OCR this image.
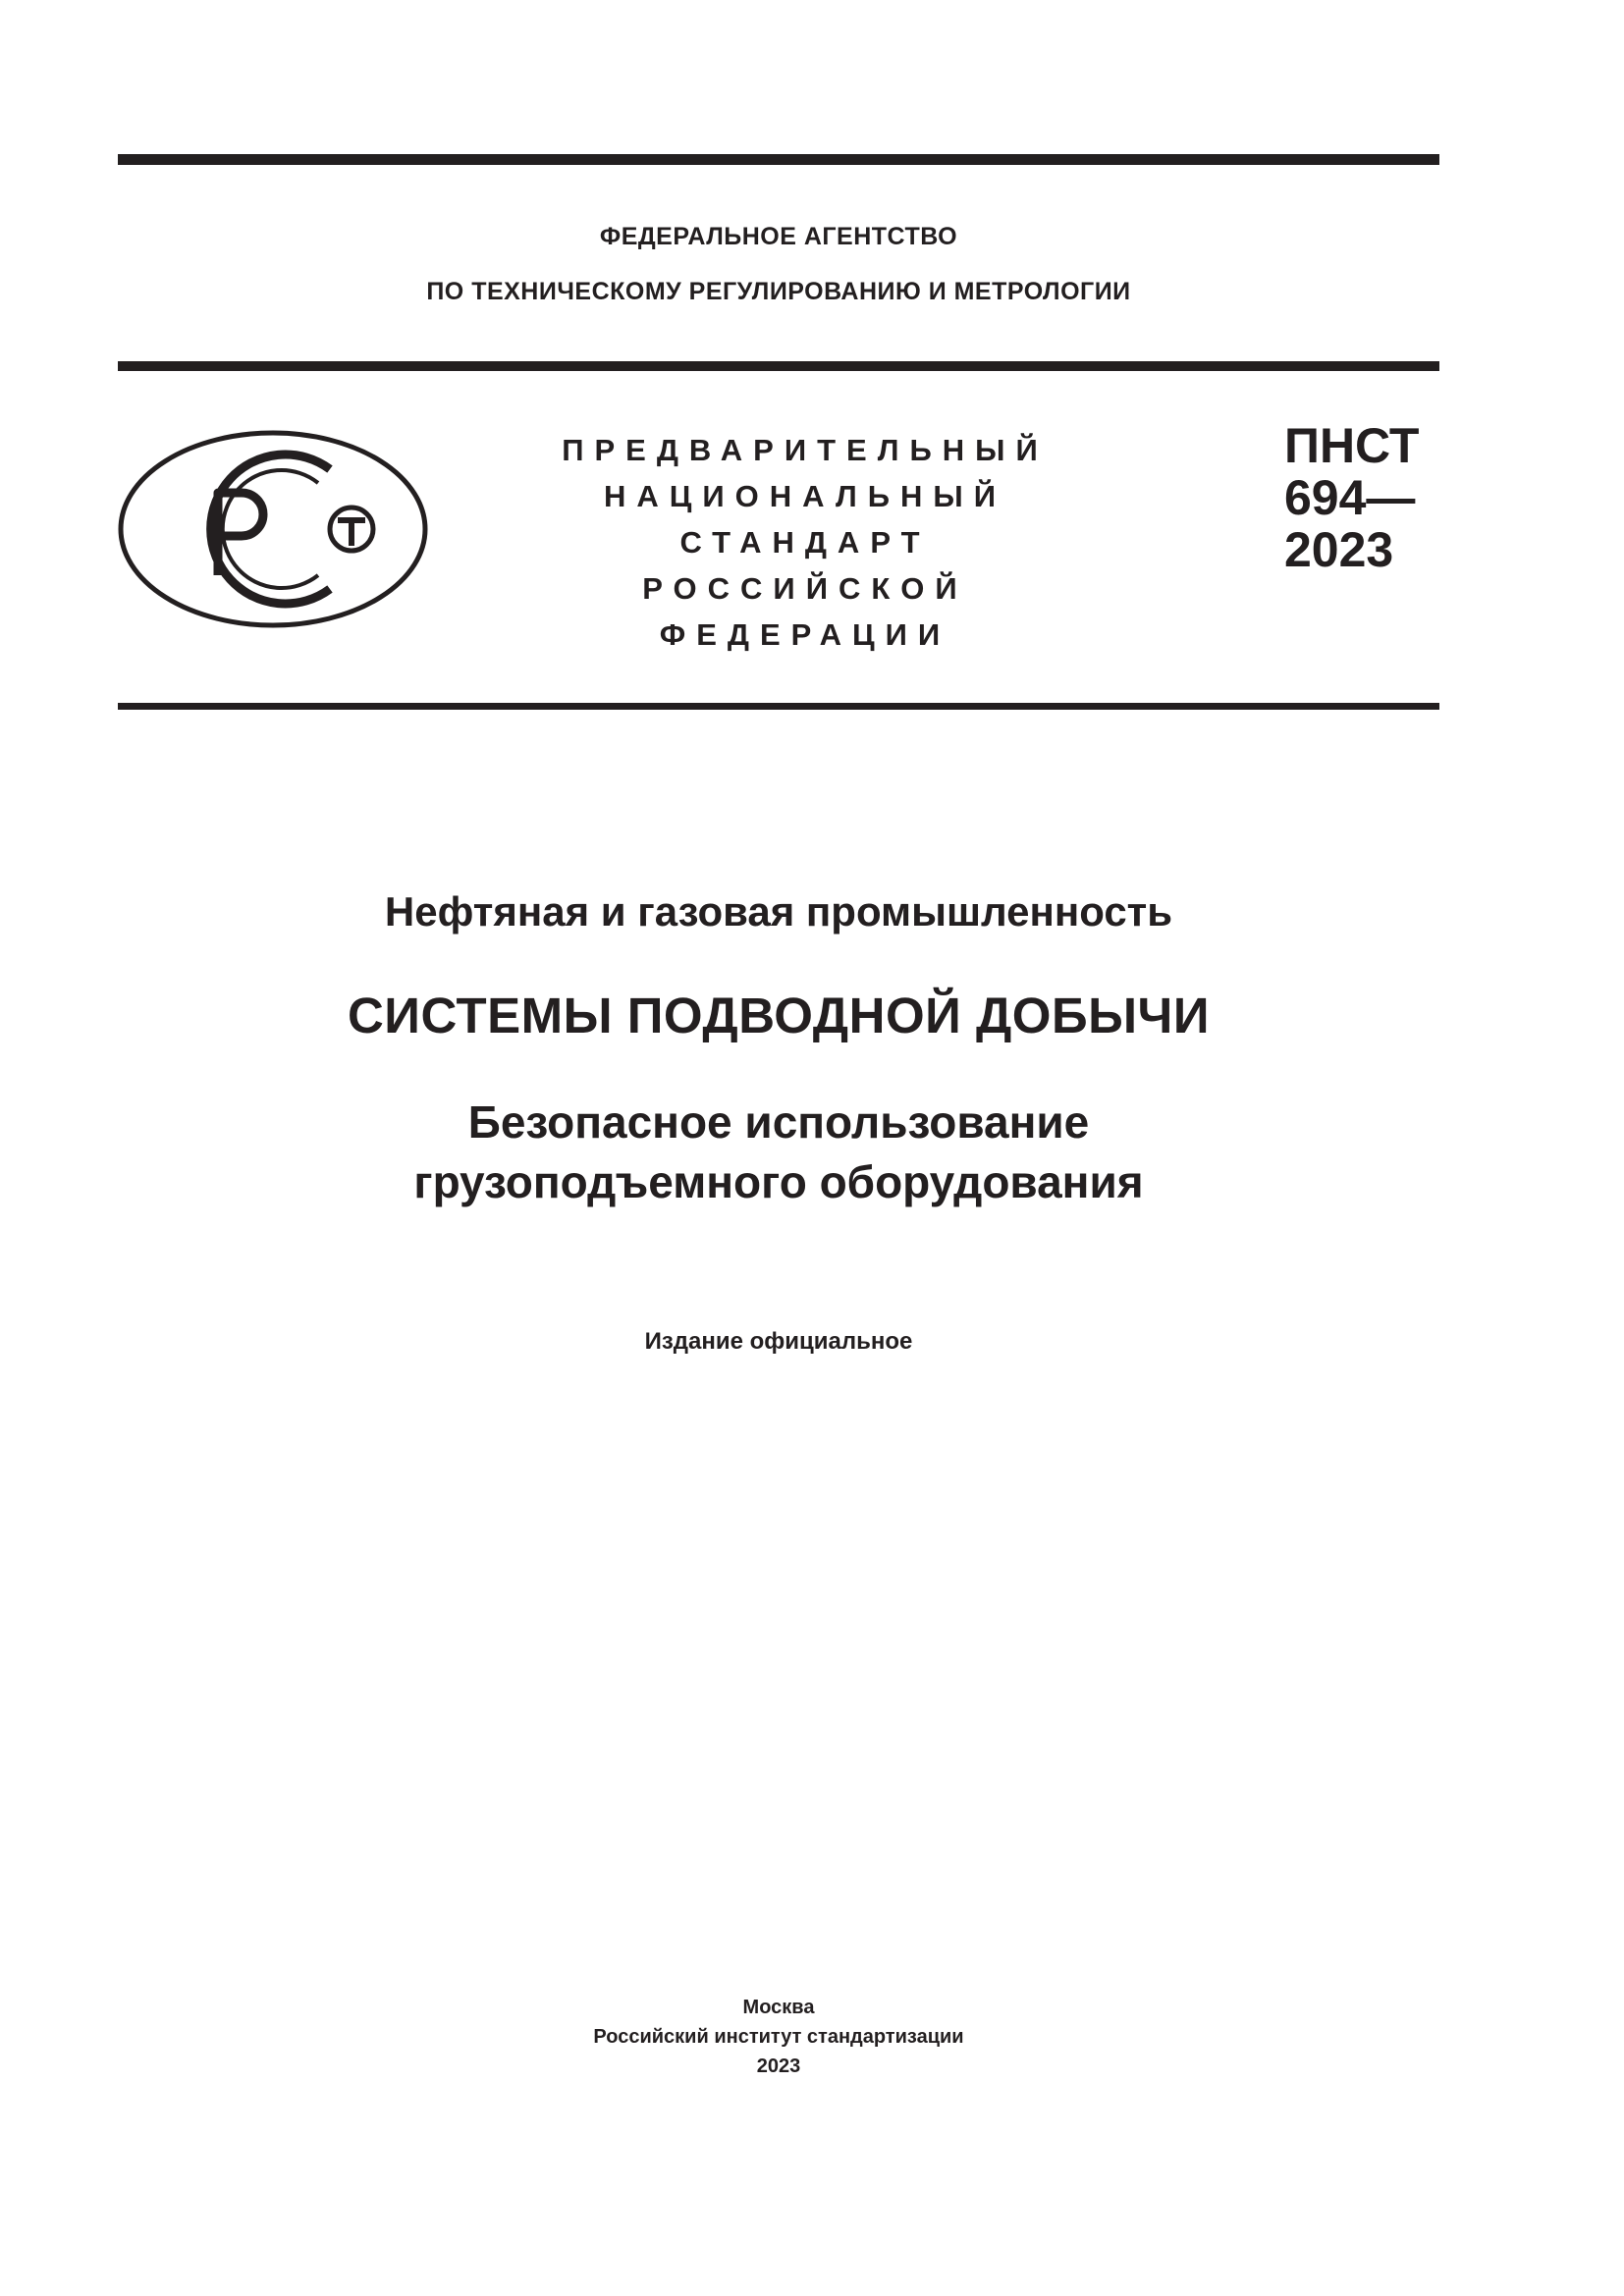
ФЕДЕРАЛЬНОЕ АГЕНТСТВО
ПО ТЕХНИЧЕСКОМУ РЕГУЛИРОВАНИЮ И МЕТРОЛОГИИ
ПРЕДВАРИТЕЛЬНЫЙ
НАЦИОНАЛЬНЫЙ
СТАНДАРТ
РОССИЙСКОЙ
ФЕДЕРАЦИИ
ПНСТ
694—
2023
Нефтяная и газовая промышленность
СИСТЕМЫ ПОДВОДНОЙ ДОБЫЧИ
Безопасное использование
грузоподъемного оборудования
Издание официальное
Москва
Российский институт стандартизации
2023
